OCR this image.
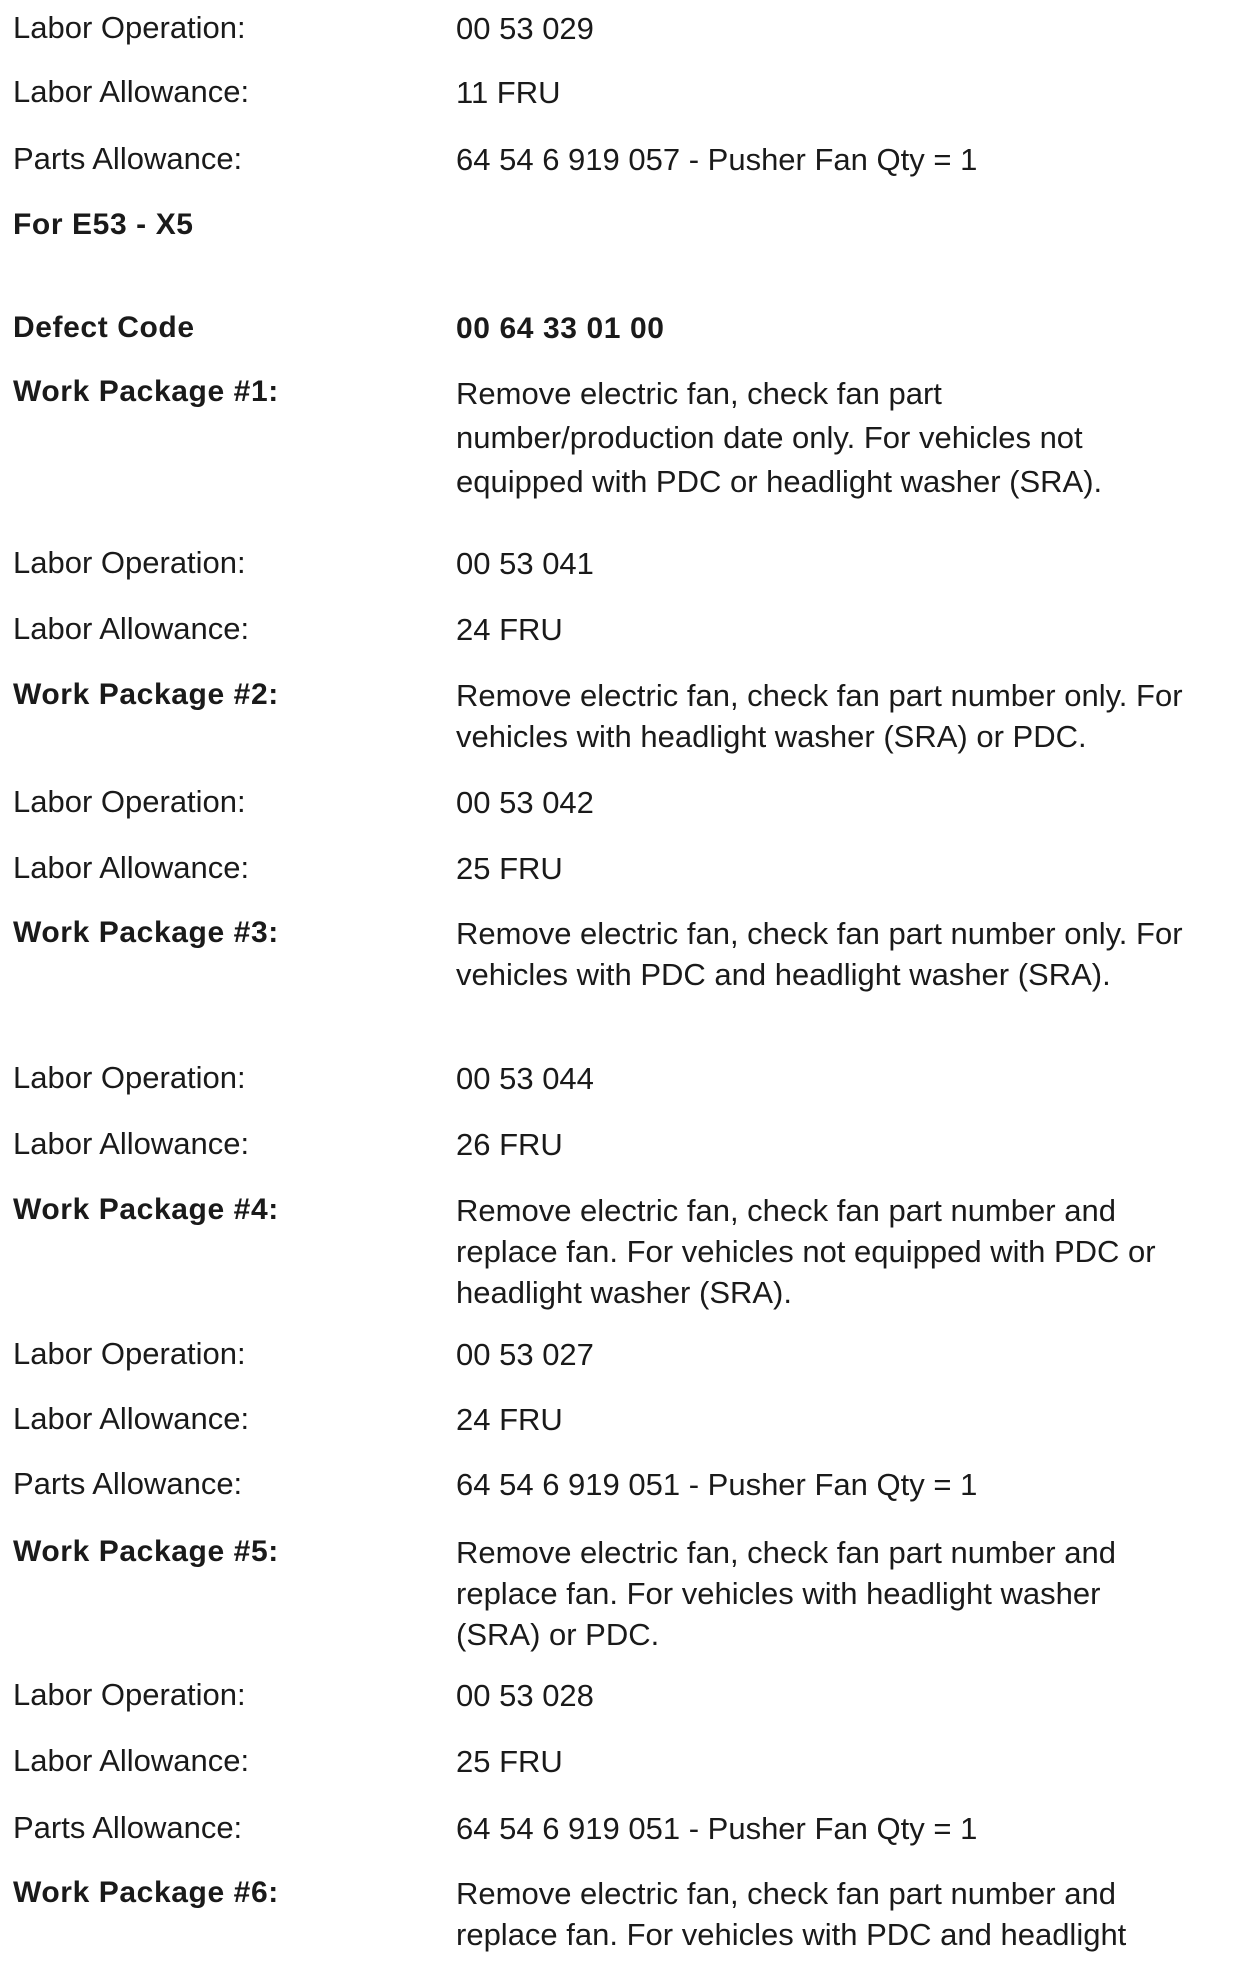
Labor Operation:	00 53 029
Labor Allowance:	11 FRU
Parts Allowance:	64 54 6 919 057 - Pusher Fan Qty = 1
For E53 - X5
Defect Code	00 64 33 01 00
Work Package #1:	Remove electric fan, check fan part number/production date only. For vehicles not equipped with PDC or headlight washer (SRA).
Labor Operation:	00 53 041
Labor Allowance:	24 FRU
Work Package #2:	Remove electric fan, check fan part number only. For vehicles with headlight washer (SRA) or PDC.
Labor Operation:	00 53 042
Labor Allowance:	25 FRU
Work Package #3:	Remove electric fan, check fan part number only. For vehicles with PDC and headlight washer (SRA).
Labor Operation:	00 53 044
Labor Allowance:	26 FRU
Work Package #4:	Remove electric fan, check fan part number and replace fan. For vehicles not equipped with PDC or headlight washer (SRA).
Labor Operation:	00 53 027
Labor Allowance:	24 FRU
Parts Allowance:	64 54 6 919 051 - Pusher Fan Qty = 1
Work Package #5:	Remove electric fan, check fan part number and replace fan. For vehicles with headlight washer (SRA) or PDC.
Labor Operation:	00 53 028
Labor Allowance:	25 FRU
Parts Allowance:	64 54 6 919 051 - Pusher Fan Qty = 1
Work Package #6:	Remove electric fan, check fan part number and replace fan. For vehicles with PDC and headlight
